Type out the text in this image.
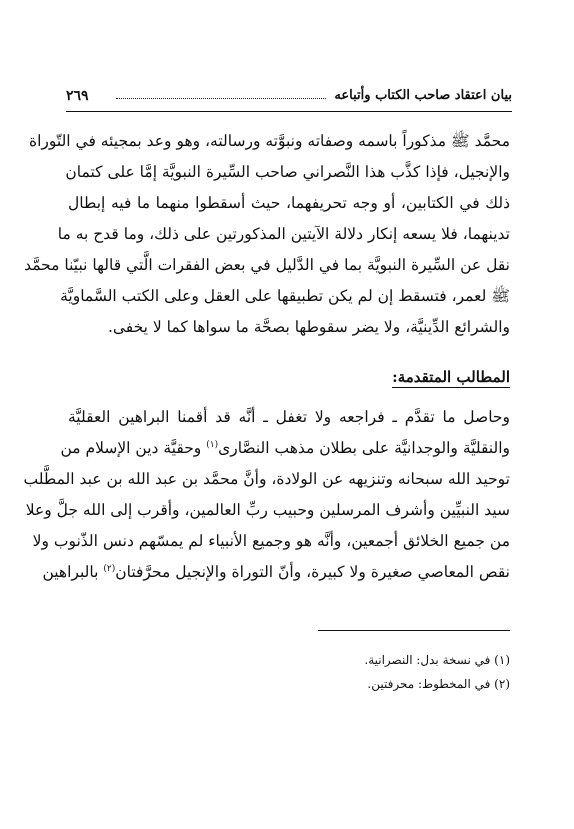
بيان اعتقاد صاحب الكتاب وأتباعه
٢٦٩
محمَّد ﷺ مذكوراً باسمه وصفاته ونبوَّته ورسالته، وهو وعد بمجيئه في التّوراة
والإنجيل، فإذا كذَّب هذا النَّصراني صاحب السِّيرة النبويَّة إمَّا على كتمان
ذلك في الكتابين، أو وجه تحريفهما، حيث أسقطوا منهما ما فيه إبطال
تدينهما، فلا يسعه إنكار دلالة الآيتين المذكورتين على ذلك، وما قدح به ما
نقل عن السِّيرة النبويَّة بما في الدَّليل في بعض الفقرات الَّتي قالها نبيّنا محمَّد
ﷺ لعمر، فتسقط إن لم يكن تطبيقها على العقل وعلى الكتب السَّماويَّة
والشرائع الدِّينيَّة، ولا يضر سقوطها بصحَّة ما سواها كما لا يخفى.
المطالب المتقدمة:
وحاصل ما تقدَّم ـ فراجعه ولا تغفل ـ أنَّه قد أقمنا البراهين العقليَّة
والنقليَّة والوجدانيَّة على بطلان مذهب النصَّارى$^{(١)}$ وحقيَّة دين الإسلام من
توحيد الله سبحانه وتنزيهه عن الولادة، وأنَّ محمَّد بن عبد الله بن عبد المطَّلب
سيد النبيِّين وأشرف المرسلين وحبيب ربِّ العالمين، وأقرب إلى الله جلَّ وعلا
من جميع الخلائق أجمعين، وأنَّه هو وجميع الأنبياء لم يمسّهم دنس الذّنوب ولا
نقص المعاصي صغيرة ولا كبيرة، وأنّ التوراة والإنجيل محرَّفتان$^{(٢)}$ بالبراهين
(١) في نسخة بدل: النصرانية.
(٢) في المخطوط: محرفتين.
